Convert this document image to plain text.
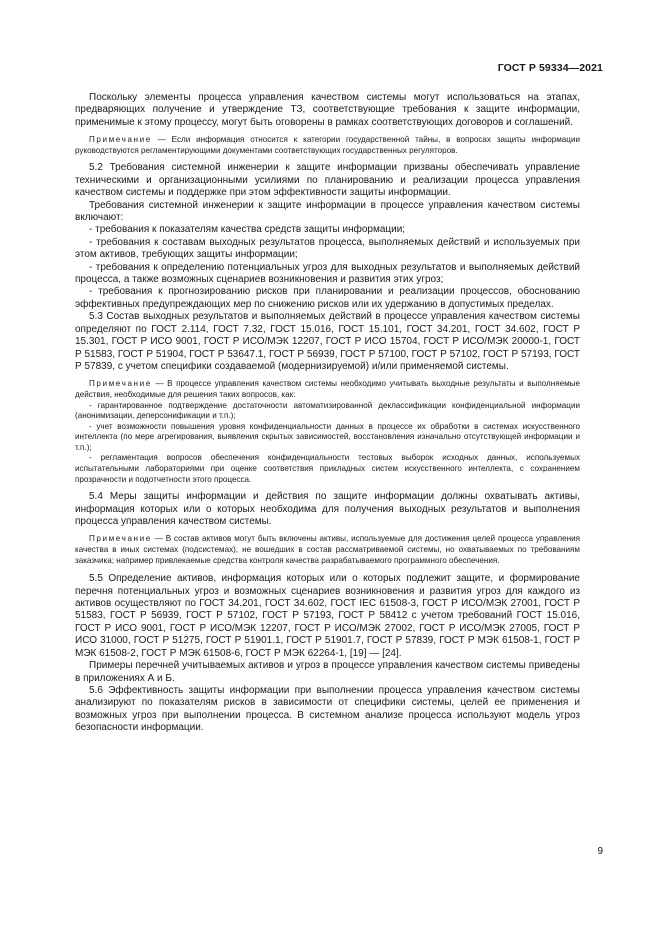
ГОСТ Р 59334—2021

Поскольку элементы процесса управления качеством системы могут использоваться на этапах, предваряющих получение и утверждение ТЗ, соответствующие требования к защите информации, применимые к этому процессу, могут быть оговорены в рамках соответствующих договоров и соглашений.

Примечание — Если информация относится к категории государственной тайны, в вопросах защиты информации руководствуются регламентирующими документами соответствующих государственных регуляторов.

5.2 Требования системной инженерии к защите информации призваны обеспечивать управление техническими и организационными усилиями по планированию и реализации процесса управления качеством системы и поддержке при этом эффективности защиты информации.

Требования системной инженерии к защите информации в процессе управления качеством системы включают:

- требования к показателям качества средств защиты информации;

- требования к составам выходных результатов процесса, выполняемых действий и используемых при этом активов, требующих защиты информации;

- требования к определению потенциальных угроз для выходных результатов и выполняемых действий процесса, а также возможных сценариев возникновения и развития этих угроз;

- требования к прогнозированию рисков при планировании и реализации процессов, обоснованию эффективных предупреждающих мер по снижению рисков или их удержанию в допустимых пределах.

5.3 Состав выходных результатов и выполняемых действий в процессе управления качеством системы определяют по ГОСТ 2.114, ГОСТ 7.32, ГОСТ 15.016, ГОСТ 15.101, ГОСТ 34.201, ГОСТ 34.602, ГОСТ Р 15.301, ГОСТ Р ИСО 9001, ГОСТ Р ИСО/МЭК 12207, ГОСТ Р ИСО 15704, ГОСТ Р ИСО/МЭК 20000-1, ГОСТ Р 51583, ГОСТ Р 51904, ГОСТ Р 53647.1, ГОСТ Р 56939, ГОСТ Р 57100, ГОСТ Р 57102, ГОСТ Р 57193, ГОСТ Р 57839, с учетом специфики создаваемой (модернизируемой) и/или применяемой системы.

Примечание — В процессе управления качеством системы необходимо учитывать выходные результаты и выполняемые действия, необходимые для решения таких вопросов, как:

- гарантированное подтверждение достаточности автоматизированной деклассификации конфиденциальной информации (анонимизации, деперсонификации и т.п.);

- учет возможности повышения уровня конфиденциальности данных в процессе их обработки в системах искусственного интеллекта (по мере агрегирования, выявления скрытых зависимостей, восстановления изначально отсутствующей информации и т.п.);

- регламентация вопросов обеспечения конфиденциальности тестовых выборок исходных данных, используемых испытательными лабораториями при оценке соответствия прикладных систем искусственного интеллекта, с сохранением прозрачности и подотчетности этого процесса.

5.4 Меры защиты информации и действия по защите информации должны охватывать активы, информация которых или о которых необходима для получения выходных результатов и выполнения процесса управления качеством системы.

Примечание — В состав активов могут быть включены активы, используемые для достижения целей процесса управления качества в иных системах (подсистемах), не вошедших в состав рассматриваемой системы, но охватываемых по требованиям заказчика; например привлекаемые средства контроля качества разрабатываемого программного обеспечения.

5.5 Определение активов, информация которых или о которых подлежит защите, и формирование перечня потенциальных угроз и возможных сценариев возникновения и развития угроз для каждого из активов осуществляют по ГОСТ 34.201, ГОСТ 34.602, ГОСТ IEC 61508-3, ГОСТ Р ИСО/МЭК 27001, ГОСТ Р 51583, ГОСТ Р 56939, ГОСТ Р 57102, ГОСТ Р 57193, ГОСТ Р 58412 с учетом требований ГОСТ 15.016, ГОСТ Р ИСО 9001, ГОСТ Р ИСО/МЭК 12207, ГОСТ Р ИСО/МЭК 27002, ГОСТ Р ИСО/МЭК 27005, ГОСТ Р ИСО 31000, ГОСТ Р 51275, ГОСТ Р 51901.1, ГОСТ Р 51901.7, ГОСТ Р 57839, ГОСТ Р МЭК 61508-1, ГОСТ Р МЭК 61508-2, ГОСТ Р МЭК 61508-6, ГОСТ Р МЭК 62264-1, [19] — [24].

Примеры перечней учитываемых активов и угроз в процессе управления качеством системы приведены в приложениях А и Б.

5.6 Эффективность защиты информации при выполнении процесса управления качеством системы анализируют по показателям рисков в зависимости от специфики системы, целей ее применения и возможных угроз при выполнении процесса. В системном анализе процесса используют модель угроз безопасности информации.

9
